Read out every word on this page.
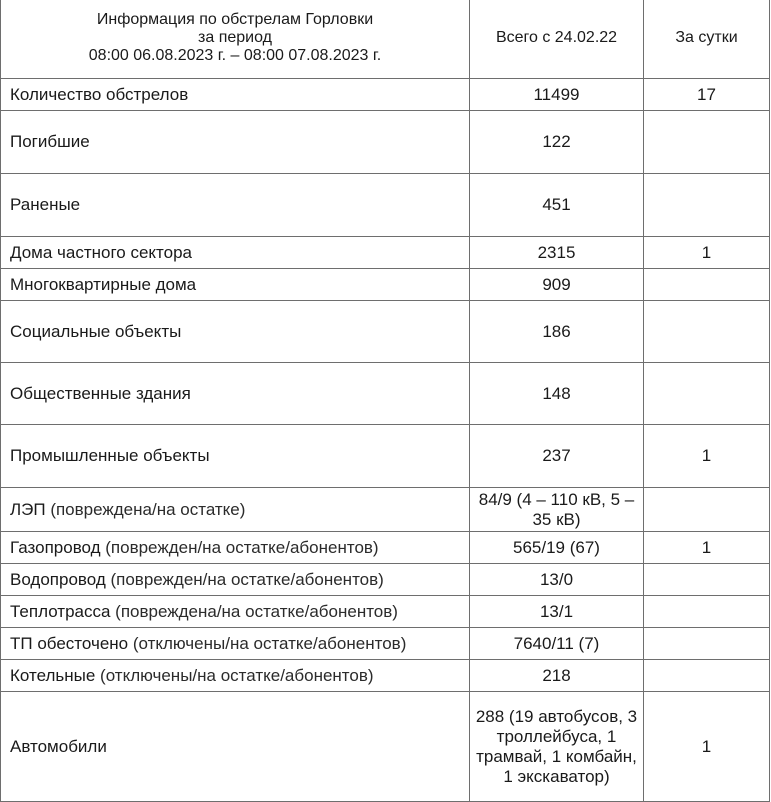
Информация по обстрелам Горловки
за период
08:00 06.08.2023 г. – 08:00 07.08.2023 г.	Всего с 24.02.22	За сутки
Количество обстрелов	11499	17
Погибшие	122	
Раненые	451	
Дома частного сектора	2315	1
Многоквартирные дома	909	
Социальные объекты	186	
Общественные здания	148	
Промышленные объекты	237	1
ЛЭП (повреждена/на остатке)	84/9 (4 – 110 кВ, 5 – 35 кВ)	
Газопровод (поврежден/на остатке/абонентов)	565/19 (67)	1
Водопровод (поврежден/на остатке/абонентов)	13/0	
Теплотрасса (повреждена/на остатке/абонентов)	13/1	
ТП обесточено (отключены/на остатке/абонентов)	7640/11 (7)	
Котельные (отключены/на остатке/абонентов)	218	
Автомобили	288 (19 автобусов, 3 троллейбуса, 1 трамвай, 1 комбайн, 1 экскаватор)	1
